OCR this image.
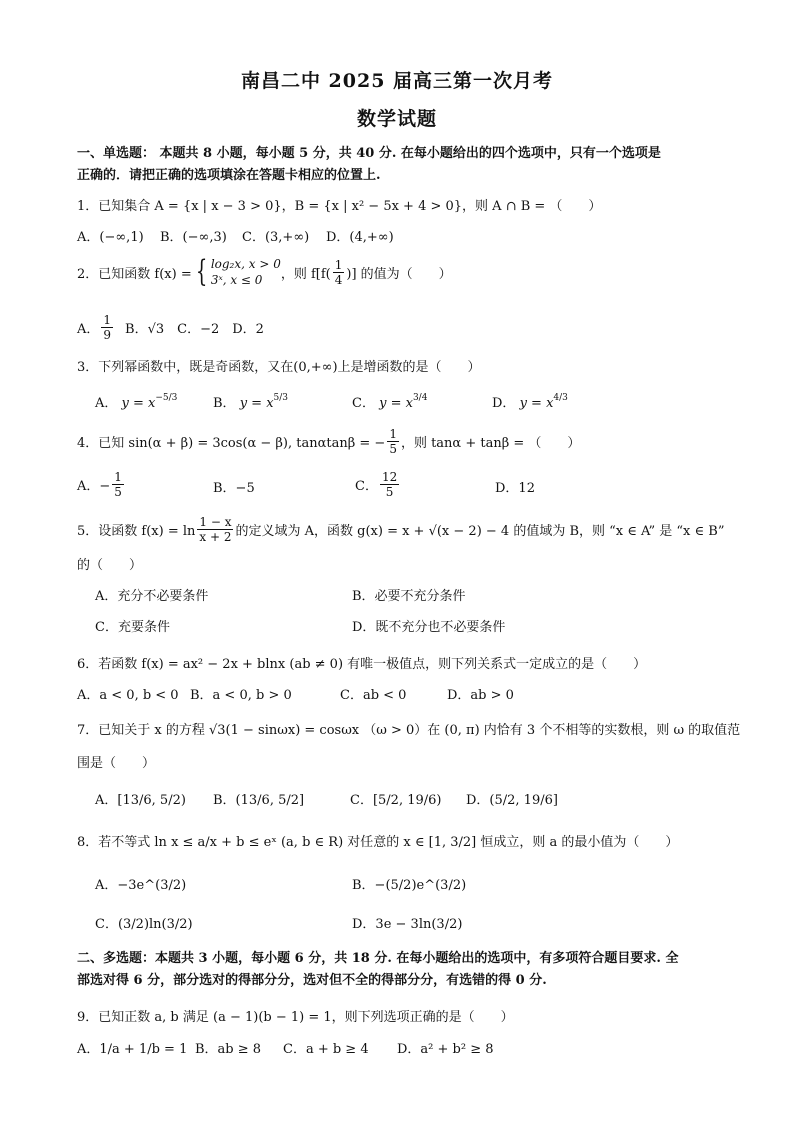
南昌二中 2025 届高三第一次月考
数学试题
一、单选题： 本题共 8 小题，每小题 5 分，共 40 分. 在每小题给出的四个选项中，只有一个选项是
正确的．请把正确的选项填涂在答题卡相应的位置上.
1．已知集合 A = {x | x − 3 > 0}，B = {x | x² − 5x + 4 > 0}，则 A ∩ B = （　　）
A．(−∞,1) B．(−∞,3) C．(3,+∞) D．(4,+∞)
2．已知函数 f(x) = { log₂x, x > 0
3ˣ, x ≤ 0	，则 $f[f( \frac{1}{4}$ )] 的值为（　　）
A． $\frac{1}{9}$ B．√3　C．−2　D．2
3．下列幂函数中，既是奇函数，又在(0,+∞)上是增函数的是（　　）
A． $y = x^{-5/3}$	B． $y = x^{5/3}$	C． $y = x^{3/4}$	D． $y = x^{4/3}$
4．已知 sin(α + β) = 3cos(α − β), tanαtanβ = − $\frac{1}{5}$ ，则 tanα + tanβ = （　　）
A．− $\frac{1}{5}$	B．−5	C． $\frac{12}{5}$	D．12
5．设函数 $f(x) = \ln \frac{1 - x}{x + 2}$ 的定义域为 A，函数 g(x) = x + √(x − 2) − 4 的值域为 B，则 “x ∈ A” 是 “x ∈ B”
的（　　）
A．充分不必要条件	B．必要不充分条件
C．充要条件	D．既不充分也不必要条件
6．若函数 f(x) = ax² − 2x + blnx (ab ≠ 0) 有唯一极值点，则下列关系式一定成立的是（　　）
A．a < 0, b < 0 B．a < 0, b > 0	C．ab < 0	D．ab > 0
7．已知关于 x 的方程 √3(1 − sinωx) = cosωx （ω > 0）在 (0, π) 内恰有 3 个不相等的实数根，则 ω 的取值范
围是（　　）
A．[13/6, 5/2) B．(13/6, 5/2]	C．[5/2, 19/6) D．(5/2, 19/6]
8．若不等式 ln x ≤ a/x + b ≤ eˣ (a, b ∈ R) 对任意的 x ∈ [1, 3/2] 恒成立，则 a 的最小值为（　　）
A．−3e^(3/2)	B．−(5/2)e^(3/2)
C．(3/2)ln(3/2)	D．3e − 3ln(3/2)
二、多选题：本题共 3 小题，每小题 6 分，共 18 分. 在每小题给出的选项中，有多项符合题目要求. 全
部选对得 6 分，部分选对的得部分分，选对但不全的得部分分，有选错的得 0 分.
9．已知正数 a, b 满足 (a − 1)(b − 1) = 1，则下列选项正确的是（　　）
A．1/a + 1/b = 1 B．ab ≥ 8 C．a + b ≥ 4 D．a² + b² ≥ 8
